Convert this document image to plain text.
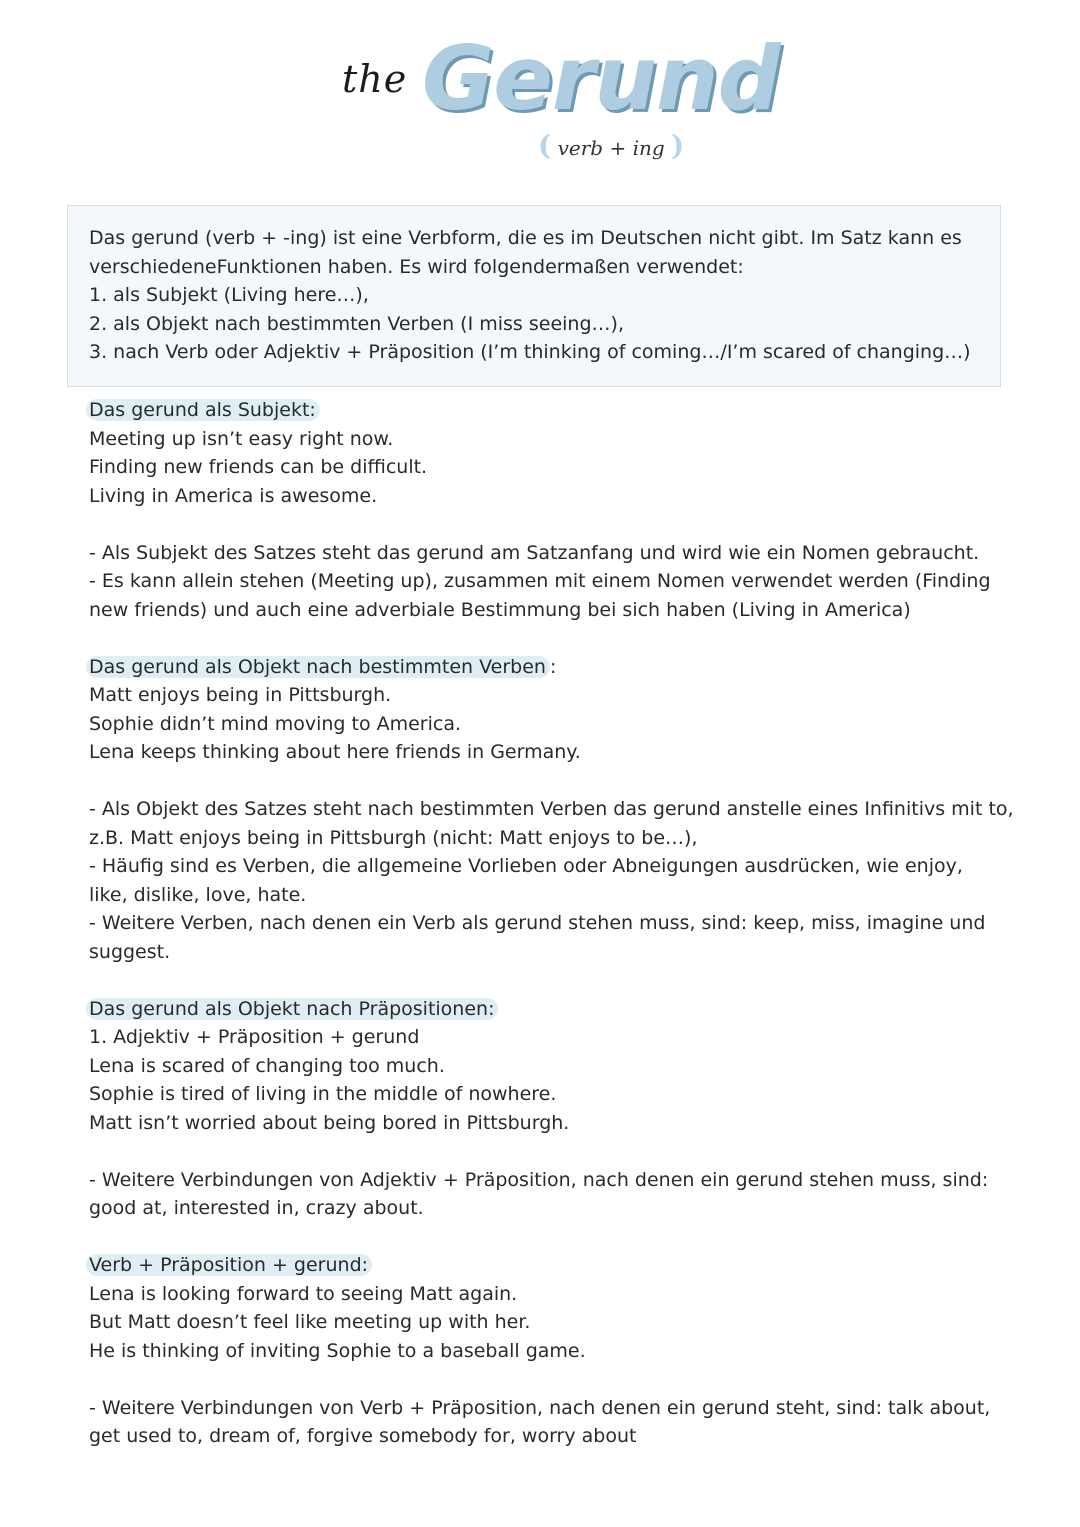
the Gerund
( verb + ing )

Das gerund (verb + -ing) ist eine Verbform, die es im Deutschen nicht gibt. Im Satz kann es

verschiedeneFunktionen haben. Es wird folgendermaßen verwendet:

1. als Subjekt (Living here…),

2. als Objekt nach bestimmten Verben (I miss seeing…),

3. nach Verb oder Adjektiv + Präposition (I’m thinking of coming…/I’m scared of changing…)

Das gerund als Subjekt:
Meeting up isn’t easy right now.
Finding new friends can be difficult.
Living in America is awesome.
- Als Subjekt des Satzes steht das gerund am Satzanfang und wird wie ein Nomen gebraucht.
- Es kann allein stehen (Meeting up), zusammen mit einem Nomen verwendet werden (Finding
new friends) und auch eine adverbiale Bestimmung bei sich haben (Living in America)
Das gerund als Objekt nach bestimmten Verben :
Matt enjoys being in Pittsburgh.
Sophie didn’t mind moving to America.
Lena keeps thinking about here friends in Germany.
- Als Objekt des Satzes steht nach bestimmten Verben das gerund anstelle eines Infinitivs mit to,
z.B. Matt enjoys being in Pittsburgh (nicht: Matt enjoys to be…),
- Häufig sind es Verben, die allgemeine Vorlieben oder Abneigungen ausdrücken, wie enjoy,
like, dislike, love, hate.
- Weitere Verben, nach denen ein Verb als gerund stehen muss, sind: keep, miss, imagine und
suggest.
Das gerund als Objekt nach Präpositionen:
1. Adjektiv + Präposition + gerund
Lena is scared of changing too much.
Sophie is tired of living in the middle of nowhere.
Matt isn’t worried about being bored in Pittsburgh.
- Weitere Verbindungen von Adjektiv + Präposition, nach denen ein gerund stehen muss, sind:
good at, interested in, crazy about.
Verb + Präposition + gerund:
Lena is looking forward to seeing Matt again.
But Matt doesn’t feel like meeting up with her.
He is thinking of inviting Sophie to a baseball game.
- Weitere Verbindungen von Verb + Präposition, nach denen ein gerund steht, sind: talk about,
get used to, dream of, forgive somebody for, worry about
